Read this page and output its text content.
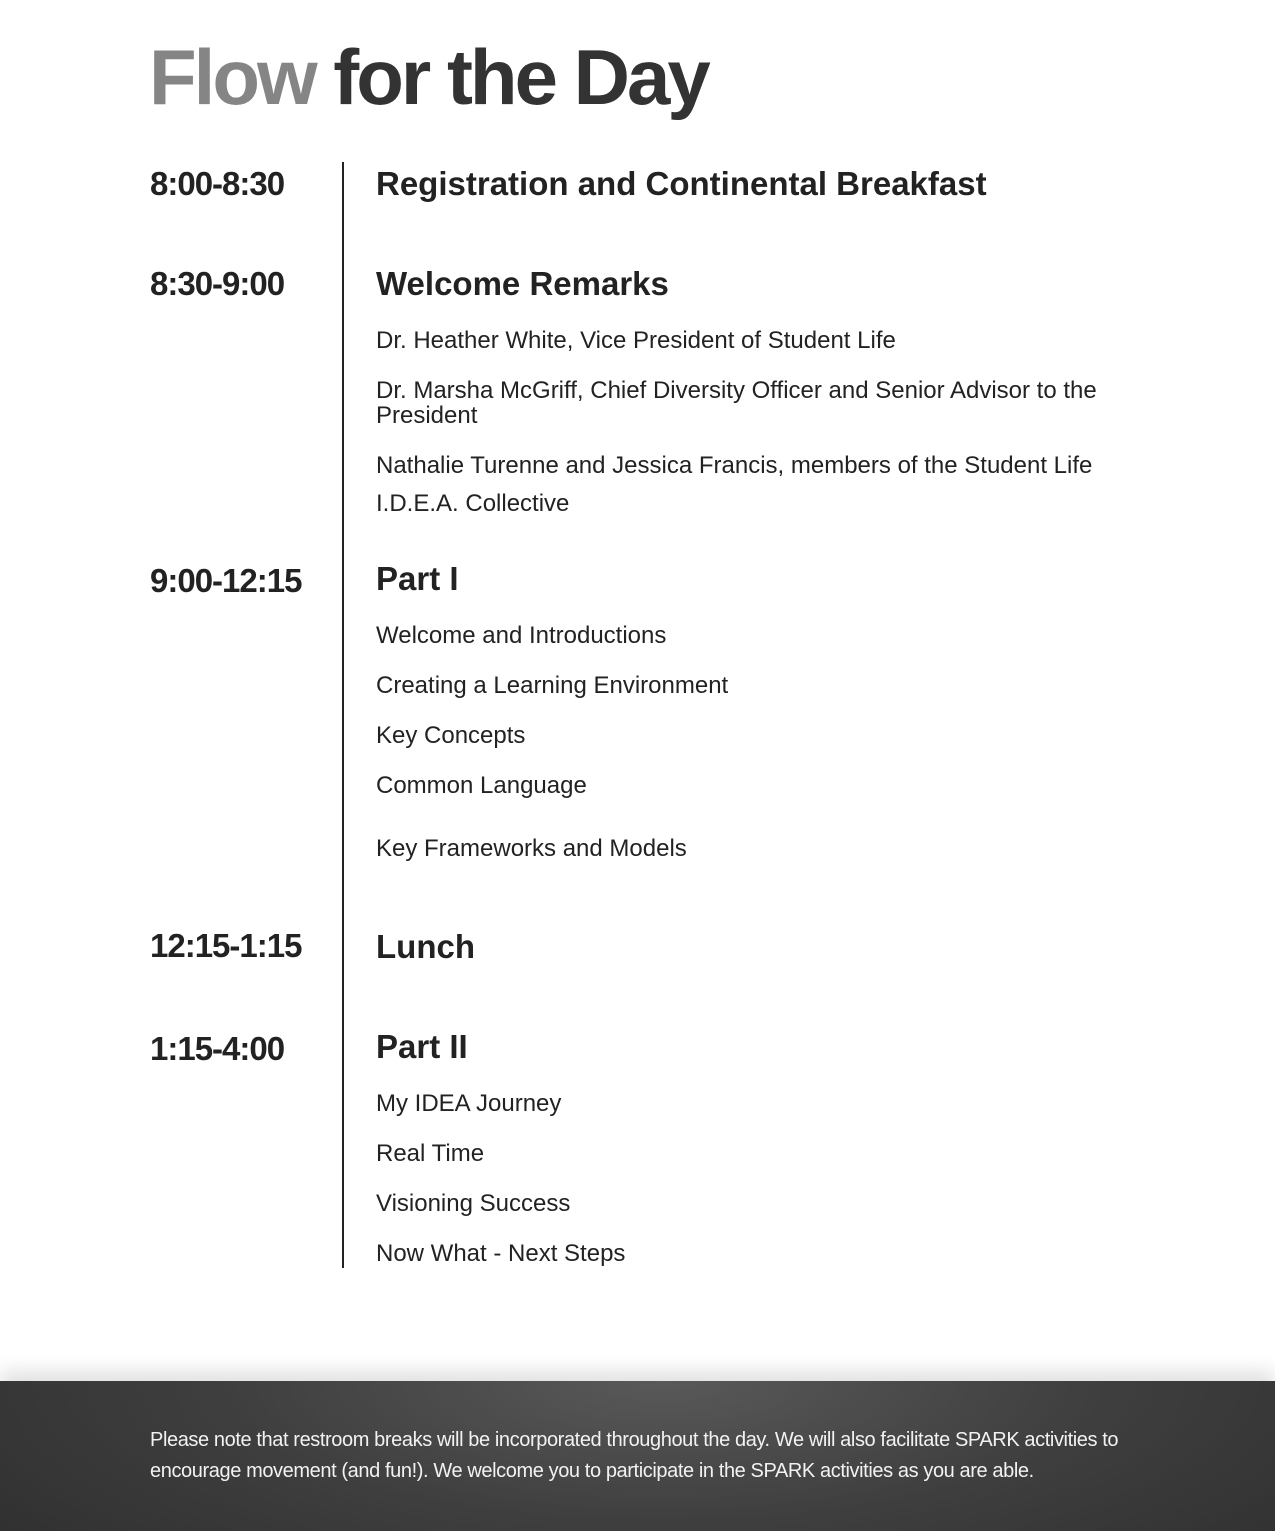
Flow for the Day
8:00-8:30	Registration and Continental Breakfast
8:30-9:00	Welcome Remarks
Dr. Heather White, Vice President of Student Life
Dr. Marsha McGriff, Chief Diversity Officer and Senior Advisor to the President
Nathalie Turenne and Jessica Francis, members of the Student Life
I.D.E.A. Collective
9:00-12:15 Part I
Welcome and Introductions
Creating a Learning Environment
Key Concepts
Common Language
Key Frameworks and Models
12:15-1:15 Lunch
1:15-4:00	Part II
My IDEA Journey
Real Time
Visioning Success
Now What - Next Steps

Please note that restroom breaks will be incorporated throughout the day. We will also facilitate SPARK activities to encourage movement (and fun!). We welcome you to participate in the SPARK activities as you are able.
